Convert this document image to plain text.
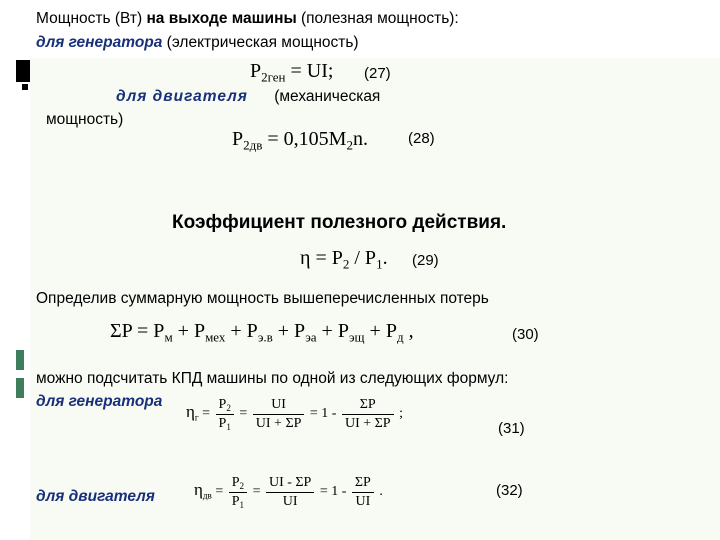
Мощность (Вт) на выходе машины (полезная мощность):
для генератора (электрическая мощность)
$P_{2ген}$ = UI; (27)
для двигателя (механическая
мощность)
$P_{2дв} = 0,105M_2n$.	(28)
Коэффициент полезного действия.
$\eta = P_2 / P_1$. (29)
Определив суммарную мощность вышеперечисленных потерь
$\Sigma P = P_м + P_{мех} + P_{э.в} + P_{эа} + P_{эщ} + P_д$ ,	(30)
можно подсчитать КПД машины по одной из следующих формул:
для генератора
$\eta_г = \frac{P_2}{P_1} = \frac{UI}{UI + \Sigma P} = 1 - \frac{\Sigma P}{UI + \Sigma P}$ ;
(31)
для двигателя $\eta_{дв} = \frac{P_2}{P_1} = \frac{UI - \Sigma P}{UI} = 1 - \frac{\Sigma P}{UI}$ .	(32)
